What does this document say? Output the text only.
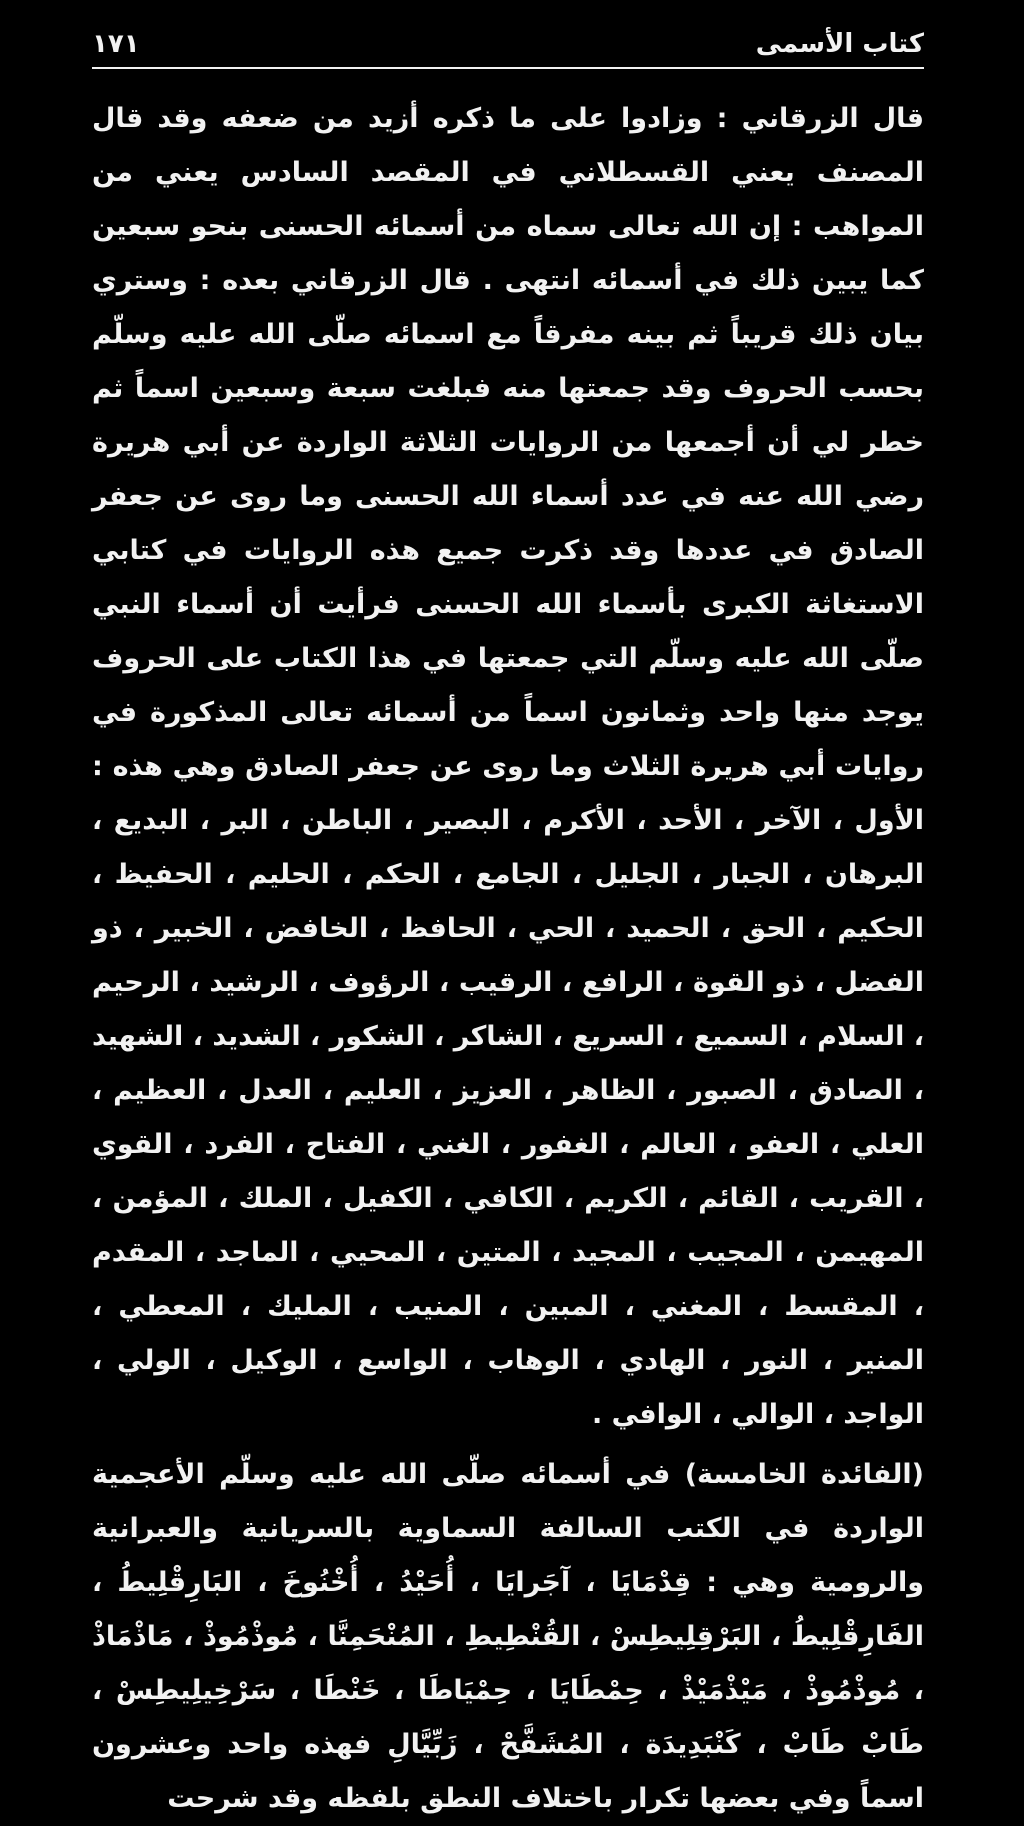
١٧١	كتاب الأسمى

قال الزرقاني : وزادوا على ما ذكره أزيد من ضعفه وقد قال المصنف يعني القسطلاني في المقصد السادس يعني من المواهب : إن الله تعالى سماه من أسمائه الحسنى بنحو سبعين كما يبين ذلك في أسمائه انتهى . قال الزرقاني بعده : وستري بيان ذلك قريباً ثم بينه مفرقاً مع اسمائه صلّى الله عليه وسلّم بحسب الحروف وقد جمعتها منه فبلغت سبعة وسبعين اسماً ثم خطر لي أن أجمعها من الروايات الثلاثة الواردة عن أبي هريرة رضي الله عنه في عدد أسماء الله الحسنى وما روى عن جعفر الصادق في عددها وقد ذكرت جميع هذه الروايات في كتابي الاستغاثة الكبرى بأسماء الله الحسنى فرأيت أن أسماء النبي صلّى الله عليه وسلّم التي جمعتها في هذا الكتاب على الحروف يوجد منها واحد وثمانون اسماً من أسمائه تعالى المذكورة في روايات أبي هريرة الثلاث وما روى عن جعفر الصادق وهي هذه : الأول ، الآخر ، الأحد ، الأكرم ، البصير ، الباطن ، البر ، البديع ، البرهان ، الجبار ، الجليل ، الجامع ، الحكم ، الحليم ، الحفيظ ، الحكيم ، الحق ، الحميد ، الحي ، الحافظ ، الخافض ، الخبير ، ذو الفضل ، ذو القوة ، الرافع ، الرقيب ، الرؤوف ، الرشيد ، الرحيم ، السلام ، السميع ، السريع ، الشاكر ، الشكور ، الشديد ، الشهيد ، الصادق ، الصبور ، الظاهر ، العزيز ، العليم ، العدل ، العظيم ، العلي ، العفو ، العالم ، الغفور ، الغني ، الفتاح ، الفرد ، القوي ، القريب ، القائم ، الكريم ، الكافي ، الكفيل ، الملك ، المؤمن ، المهيمن ، المجيب ، المجيد ، المتين ، المحيي ، الماجد ، المقدم ، المقسط ، المغني ، المبين ، المنيب ، المليك ، المعطي ، المنير ، النور ، الهادي ، الوهاب ، الواسع ، الوكيل ، الولي ، الواجد ، الوالي ، الوافي .

(الفائدة الخامسة) في أسمائه صلّى الله عليه وسلّم الأعجمية الواردة في الكتب السالفة السماوية بالسريانية والعبرانية والرومية وهي : قِدْمَايَا ، آجَرايَا ، أُحَيْدُ ، أُخْنُوخَ ، البَارِقْلِيطُ ، الفَارِقْلِيطُ ، البَرْقِلِيطِسْ ، القُنْطِيطِ ، المُنْحَمِنَّا ، مُوذْمُوذْ ، مَاذْمَاذْ ، مُوذْمُوذْ ، مَيْذْمَيْذْ ، حِمْطَايَا ، حِمْيَاطَا ، خَنْطَا ، سَرْخِيلِيطِسْ ، طَابْ طَابْ ، كَنْبَدِيدَة ، المُشَفَّحْ ، زَبِّيَّالِ فهذه واحد وعشرون اسماً وفي بعضها تكرار باختلاف النطق بلفظه وقد شرحت
